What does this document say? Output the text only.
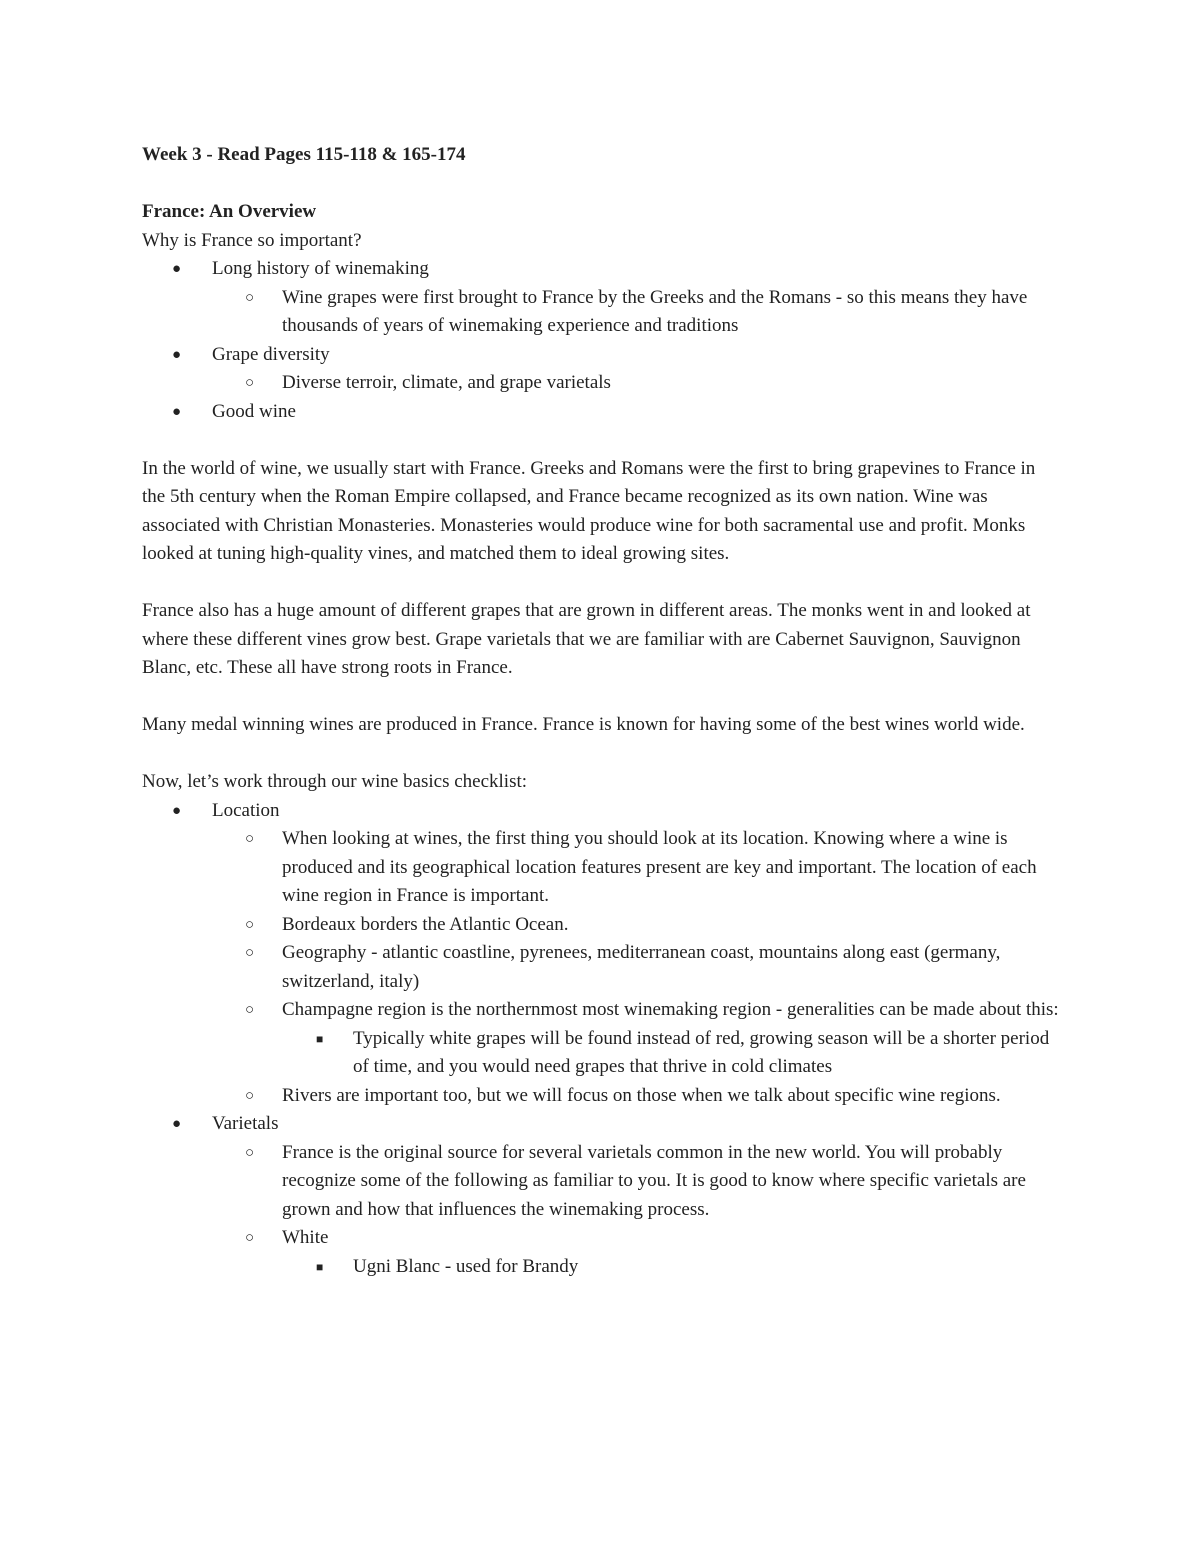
Week 3 - Read Pages 115-118 & 165-174

France: An Overview

Why is France so important?

● Long history of winemaking
○ Wine grapes were first brought to France by the Greeks and the Romans - so this means they have thousands of years of winemaking experience and traditions
● Grape diversity
○ Diverse terroir, climate, and grape varietals
● Good wine

In the world of wine, we usually start with France. Greeks and Romans were the first to bring grapevines to France in the 5th century when the Roman Empire collapsed, and France became recognized as its own nation. Wine was associated with Christian Monasteries. Monasteries would produce wine for both sacramental use and profit. Monks looked at tuning high-quality vines, and matched them to ideal growing sites.

France also has a huge amount of different grapes that are grown in different areas. The monks went in and looked at where these different vines grow best. Grape varietals that we are familiar with are Cabernet Sauvignon, Sauvignon Blanc, etc. These all have strong roots in France.

Many medal winning wines are produced in France. France is known for having some of the best wines world wide.

Now, let’s work through our wine basics checklist:

● Location
○ When looking at wines, the first thing you should look at its location. Knowing where a wine is produced and its geographical location features present are key and important. The location of each wine region in France is important.
○ Bordeaux borders the Atlantic Ocean.
○ Geography - atlantic coastline, pyrenees, mediterranean coast, mountains along east (germany, switzerland, italy)
○ Champagne region is the northernmost most winemaking region - generalities can be made about this:
■ Typically white grapes will be found instead of red, growing season will be a shorter period of time, and you would need grapes that thrive in cold climates
○ Rivers are important too, but we will focus on those when we talk about specific wine regions.
● Varietals
○ France is the original source for several varietals common in the new world. You will probably recognize some of the following as familiar to you. It is good to know where specific varietals are grown and how that influences the winemaking process.
○ White
■ Ugni Blanc - used for Brandy
